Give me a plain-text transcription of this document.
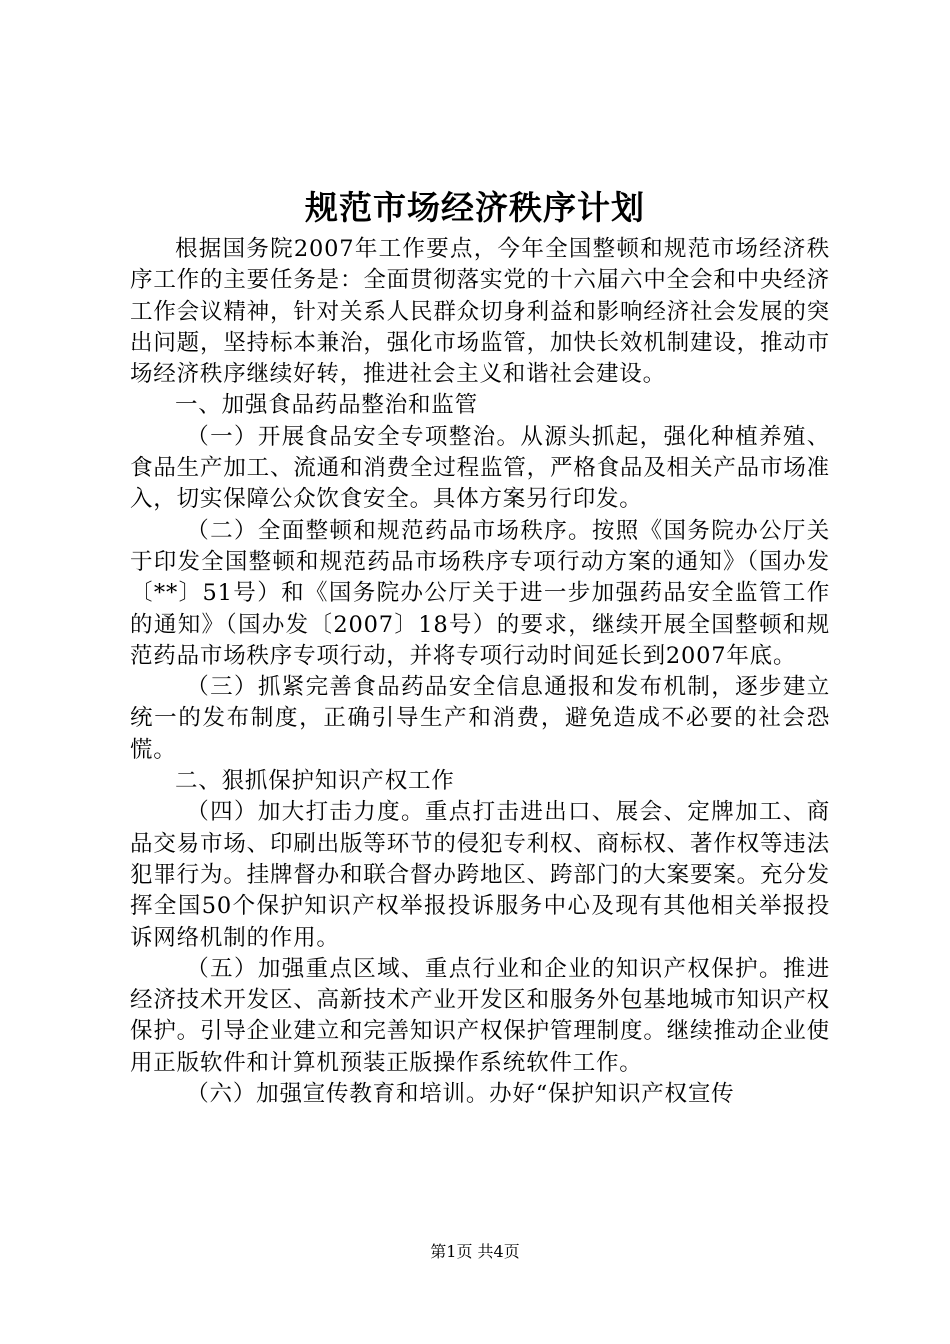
规范市场经济秩序计划

根据国务院2007年工作要点，今年全国整顿和规范市场经济秩序工作的主要任务是：全面贯彻落实党的十六届六中全会和中央经济工作会议精神，针对关系人民群众切身利益和影响经济社会发展的突出问题，坚持标本兼治，强化市场监管，加快长效机制建设，推动市场经济秩序继续好转，推进社会主义和谐社会建设。

一、加强食品药品整治和监管

（一）开展食品安全专项整治。从源头抓起，强化种植养殖、食品生产加工、流通和消费全过程监管，严格食品及相关产品市场准入，切实保障公众饮食安全。具体方案另行印发。

（二）全面整顿和规范药品市场秩序。按照《国务院办公厅关于印发全国整顿和规范药品市场秩序专项行动方案的通知》（国办发〔**〕51号）和《国务院办公厅关于进一步加强药品安全监管工作的通知》（国办发〔2007〕18号）的要求，继续开展全国整顿和规范药品市场秩序专项行动，并将专项行动时间延长到2007年底。

（三）抓紧完善食品药品安全信息通报和发布机制，逐步建立统一的发布制度，正确引导生产和消费，避免造成不必要的社会恐慌。

二、狠抓保护知识产权工作

（四）加大打击力度。重点打击进出口、展会、定牌加工、商品交易市场、印刷出版等环节的侵犯专利权、商标权、著作权等违法犯罪行为。挂牌督办和联合督办跨地区、跨部门的大案要案。充分发挥全国50个保护知识产权举报投诉服务中心及现有其他相关举报投诉网络机制的作用。

（五）加强重点区域、重点行业和企业的知识产权保护。推进经济技术开发区、高新技术产业开发区和服务外包基地城市知识产权保护。引导企业建立和完善知识产权保护管理制度。继续推动企业使用正版软件和计算机预装正版操作系统软件工作。

（六）加强宣传教育和培训。办好“保护知识产权宣传

第1页 共4页
